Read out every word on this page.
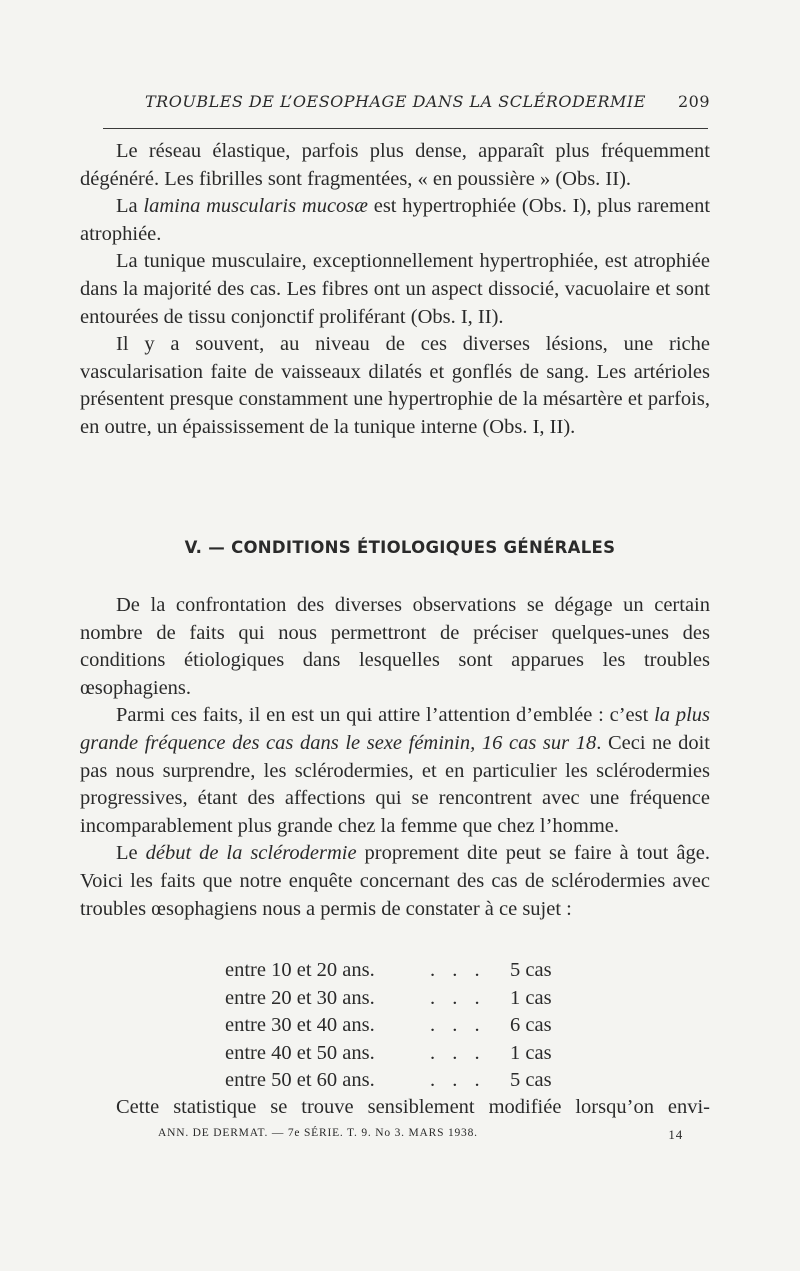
TROUBLES DE L’OESOPHAGE DANS LA SCLÉRODERMIE 209

Le réseau élastique, parfois plus dense, apparaît plus fréquemment dégénéré. Les fibrilles sont fragmentées, « en poussière » (Obs. II).

La lamina muscularis mucosæ est hypertrophiée (Obs. I), plus rarement atrophiée.

La tunique musculaire, exceptionnellement hypertrophiée, est atrophiée dans la majorité des cas. Les fibres ont un aspect dissocié, vacuolaire et sont entourées de tissu conjonctif proliférant (Obs. I, II).

Il y a souvent, au niveau de ces diverses lésions, une riche vascularisation faite de vaisseaux dilatés et gonflés de sang. Les artérioles présentent presque constamment une hypertrophie de la mésartère et parfois, en outre, un épaississement de la tunique interne (Obs. I, II).

V. — CONDITIONS ÉTIOLOGIQUES GÉNÉRALES

De la confrontation des diverses observations se dégage un certain nombre de faits qui nous permettront de préciser quelques-unes des conditions étiologiques dans lesquelles sont apparues les troubles œsophagiens.

Parmi ces faits, il en est un qui attire l’attention d’emblée : c’est la plus grande fréquence des cas dans le sexe féminin, 16 cas sur 18. Ceci ne doit pas nous surprendre, les sclérodermies, et en particulier les sclérodermies progressives, étant des affections qui se rencontrent avec une fréquence incomparablement plus grande chez la femme que chez l’homme.

Le début de la sclérodermie proprement dite peut se faire à tout âge. Voici les faits que notre enquête concernant des cas de sclérodermies avec troubles œsophagiens nous a permis de constater à ce sujet :

entre 10 et 20 ans.	. . . 5 cas
entre 20 et 30 ans.	. . . 1 cas
entre 30 et 40 ans.	. . . 6 cas
entre 40 et 50 ans.	. . . 1 cas
entre 50 et 60 ans.	. . . 5 cas
Cette statistique se trouve sensiblement modifiée lorsqu’on envi-
ANN. DE DERMAT. — 7e SÉRIE. T. 9. No 3. MARS 1938.	14
